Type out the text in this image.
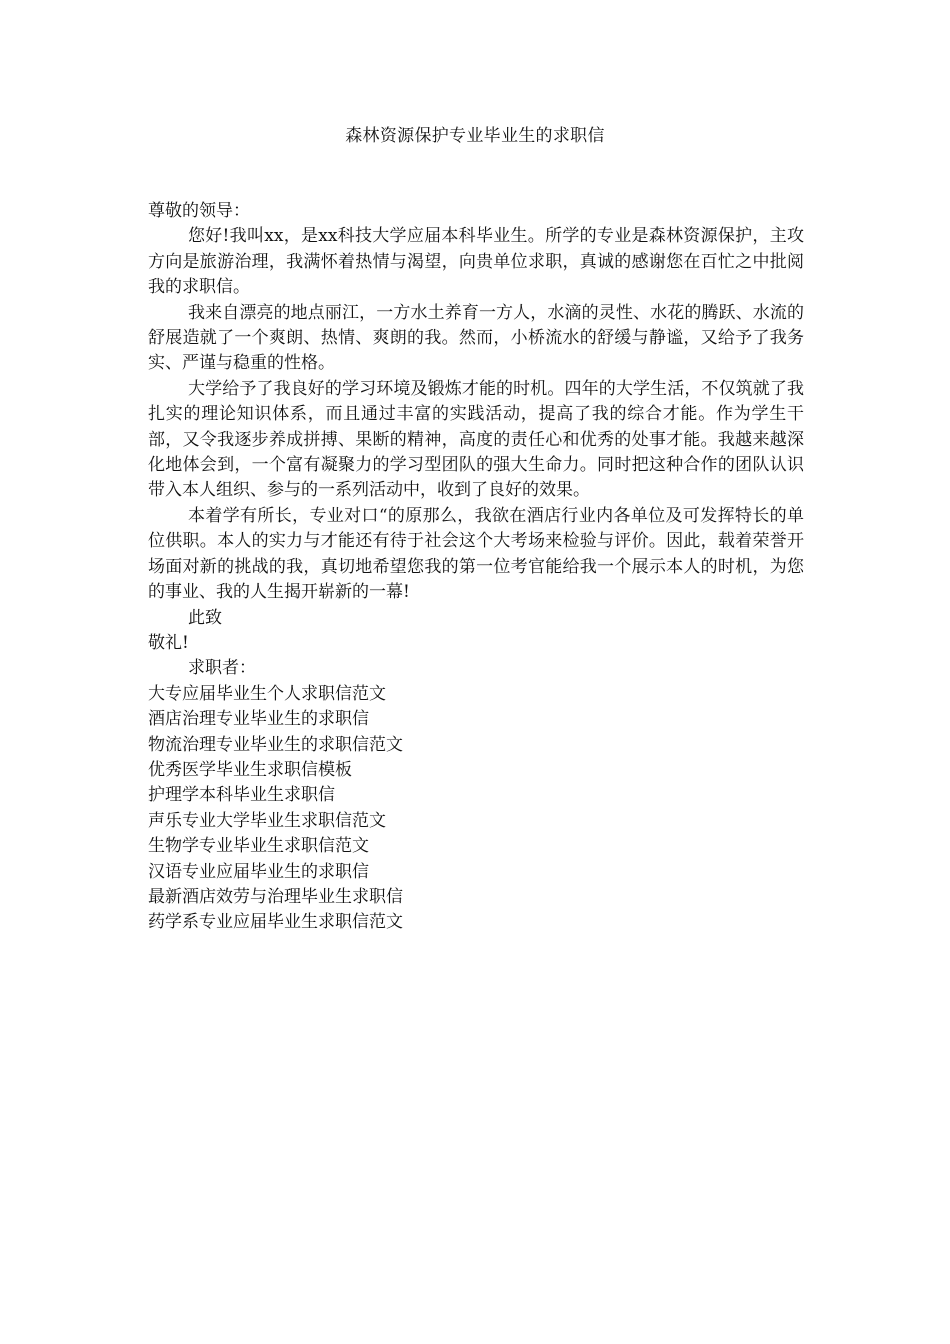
森林资源保护专业毕业生的求职信

尊敬的领导：

您好!我叫xx，是xx科技大学应届本科毕业生。所学的专业是森林资源保护，主攻方向是旅游治理，我满怀着热情与渴望，向贵单位求职，真诚的感谢您在百忙之中批阅我的求职信。

我来自漂亮的地点丽江，一方水土养育一方人，水滴的灵性、水花的腾跃、水流的舒展造就了一个爽朗、热情、爽朗的我。然而，小桥流水的舒缓与静谧，又给予了我务实、严谨与稳重的性格。

大学给予了我良好的学习环境及锻炼才能的时机。四年的大学生活，不仅筑就了我扎实的理论知识体系，而且通过丰富的实践活动，提高了我的综合才能。作为学生干部，又令我逐步养成拼搏、果断的精神，高度的责任心和优秀的处事才能。我越来越深化地体会到，一个富有凝聚力的学习型团队的强大生命力。同时把这种合作的团队认识带入本人组织、参与的一系列活动中，收到了良好的效果。

本着学有所长，专业对口“的原那么，我欲在酒店行业内各单位及可发挥特长的单位供职。本人的实力与才能还有待于社会这个大考场来检验与评价。因此，载着荣誉开场面对新的挑战的我，真切地希望您我的第一位考官能给我一个展示本人的时机，为您的事业、我的人生揭开崭新的一幕!

此致

敬礼!

求职者：

大专应届毕业生个人求职信范文
酒店治理专业毕业生的求职信
物流治理专业毕业生的求职信范文
优秀医学毕业生求职信模板
护理学本科毕业生求职信
声乐专业大学毕业生求职信范文
生物学专业毕业生求职信范文
汉语专业应届毕业生的求职信
最新酒店效劳与治理毕业生求职信
药学系专业应届毕业生求职信范文
